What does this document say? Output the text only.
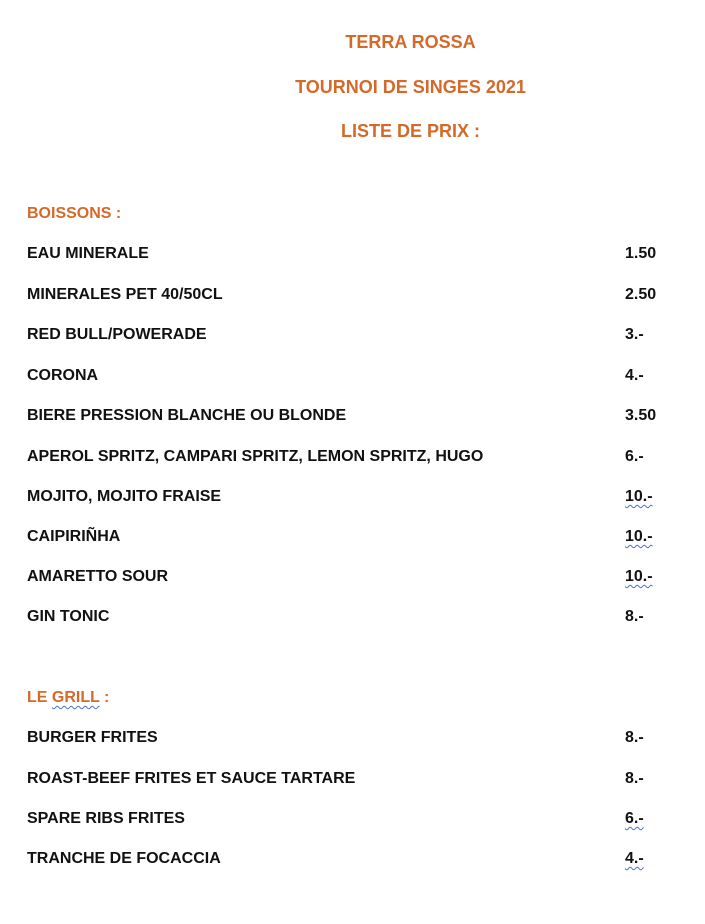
TERRA ROSSA
TOURNOI DE SINGES 2021
LISTE DE PRIX :
BOISSONS :
EAU MINERALE	1.50
MINERALES PET 40/50CL	2.50
RED BULL/POWERADE	3.-
CORONA	4.-
BIERE PRESSION BLANCHE OU BLONDE	3.50
APEROL SPRITZ, CAMPARI SPRITZ, LEMON SPRITZ, HUGO	6.-
MOJITO, MOJITO FRAISE	10.-
CAIPIRIÑHA	10.-
AMARETTO SOUR	10.-
GIN TONIC	8.-
LE GRILL :
BURGER FRITES	8.-
ROAST-BEEF FRITES ET SAUCE TARTARE	8.-
SPARE RIBS FRITES	6.-
TRANCHE DE FOCACCIA	4.-
